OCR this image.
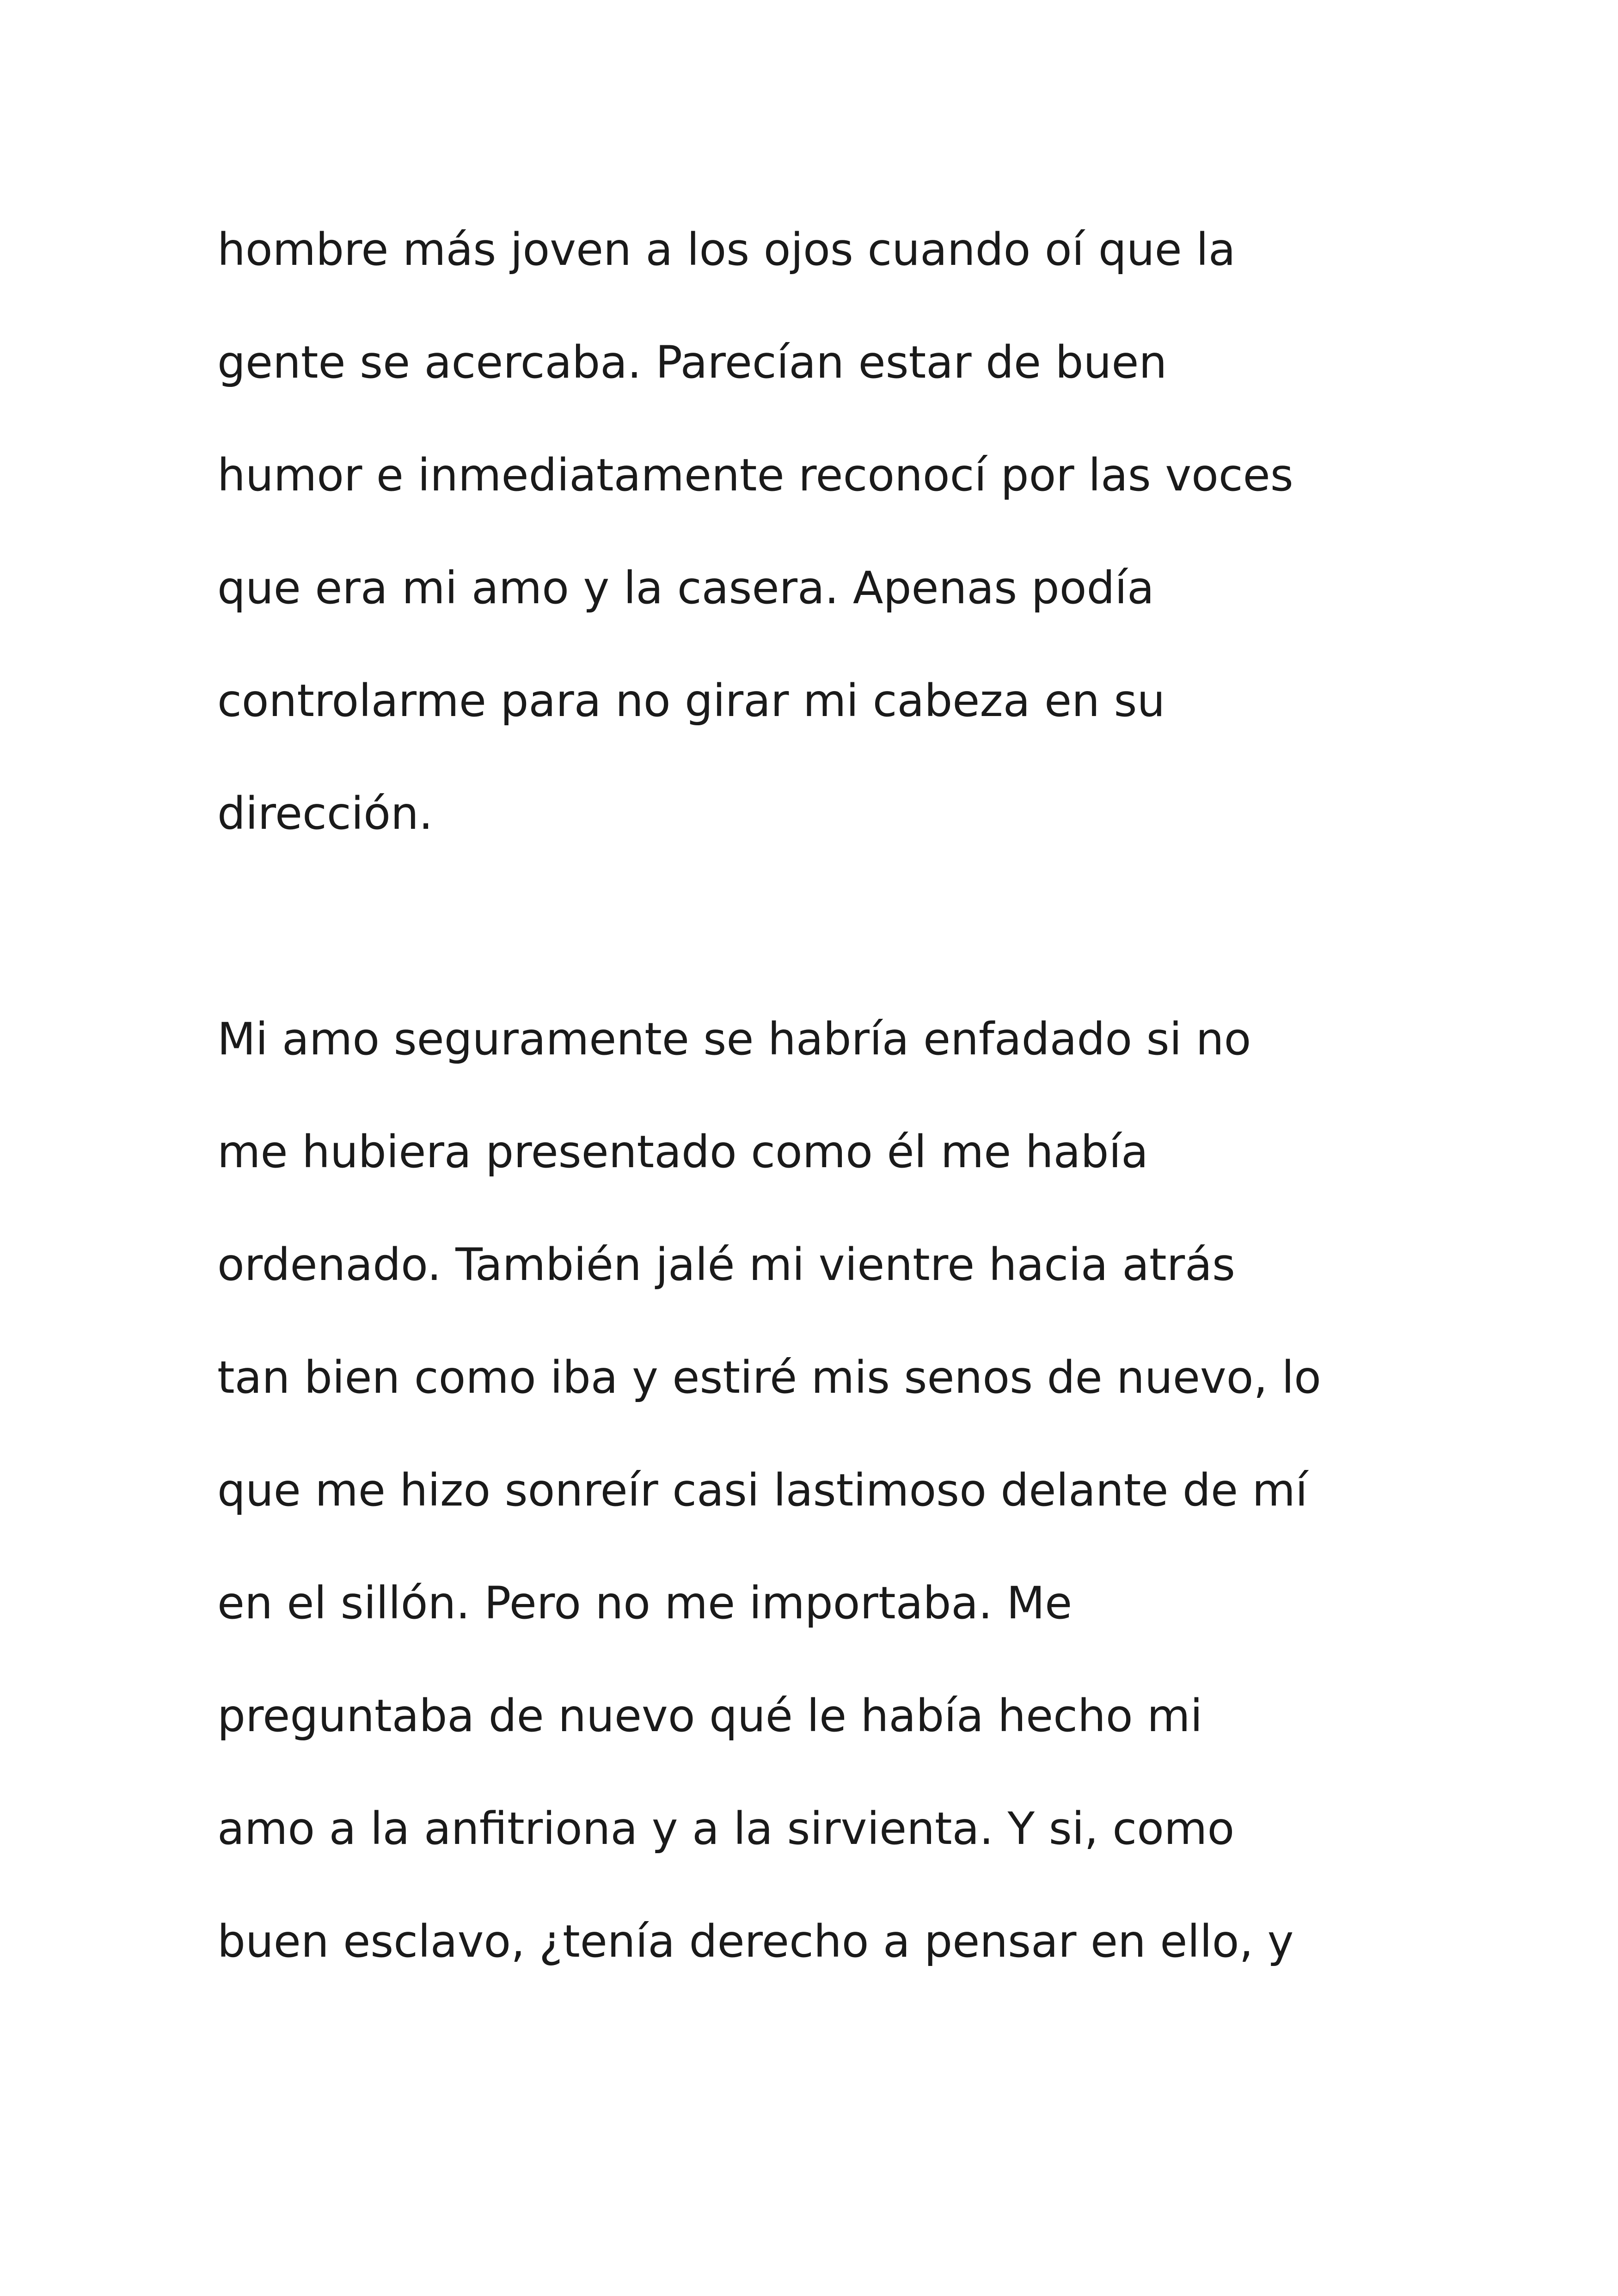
hombre más joven a los ojos cuando oí que la

gente se acercaba. Parecían estar de buen

humor e inmediatamente reconocí por las voces

que era mi amo y la casera. Apenas podía

controlarme para no girar mi cabeza en su

dirección.

Mi amo seguramente se habría enfadado si no

me hubiera presentado como él me había

ordenado. También jalé mi vientre hacia atrás

tan bien como iba y estiré mis senos de nuevo, lo

que me hizo sonreír casi lastimoso delante de mí

en el sillón. Pero no me importaba. Me

preguntaba de nuevo qué le había hecho mi

amo a la anfitriona y a la sirvienta. Y si, como

buen esclavo, ¿tenía derecho a pensar en ello, y
